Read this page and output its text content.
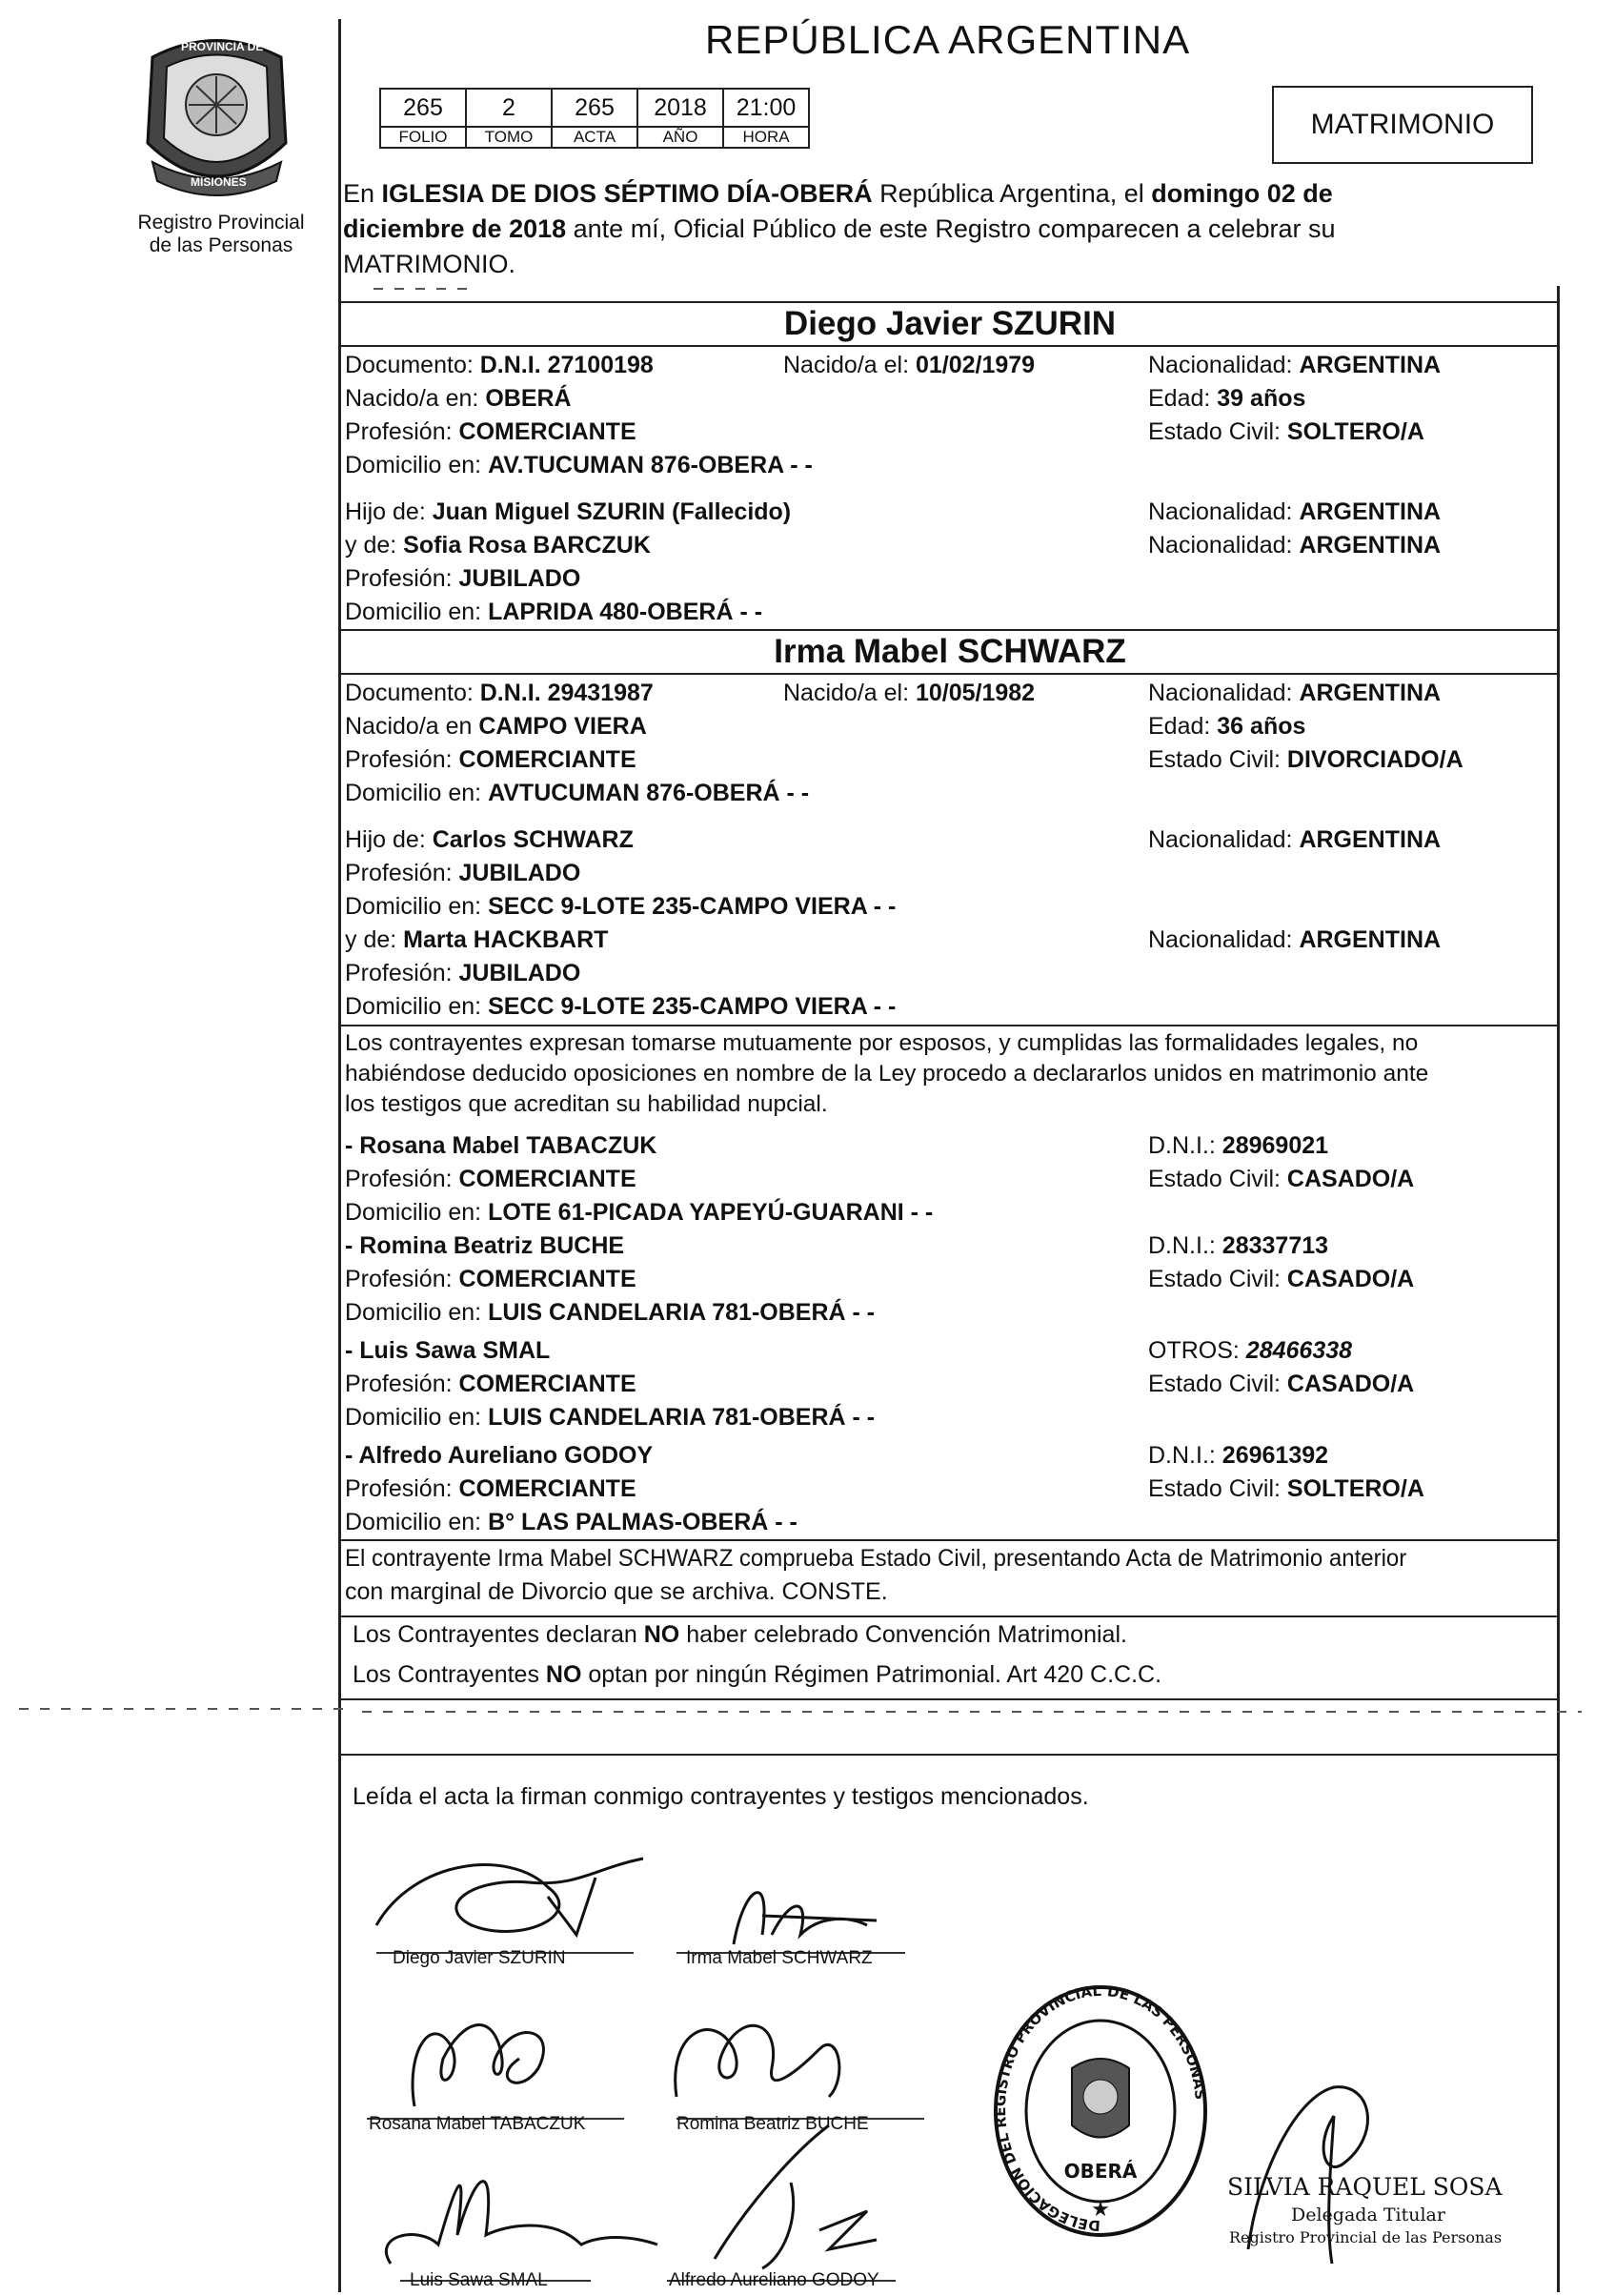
PROVINCIA DE
MISIONES
Registro Provincial
de las Personas
REPÚBLICA ARGENTINA
265	2	265	2018	21:00
FOLIO	TOMO	ACTA	AÑO	HORA	MATRIMONIO
En IGLESIA DE DIOS SÉPTIMO DÍA-OBERÁ República Argentina, el domingo 02 de
diciembre de 2018 ante mí, Oficial Público de este Registro comparecen a celebrar su
MATRIMONIO.
Diego Javier SZURIN
Documento: D.N.I. 27100198	Nacido/a el: 01/02/1979	Nacionalidad: ARGENTINA
Nacido/a en: OBERÁ	Edad: 39 años
Profesión: COMERCIANTE	Estado Civil: SOLTERO/A
Domicilio en: AV.TUCUMAN 876-OBERA - -
Hijo de: Juan Miguel SZURIN (Fallecido)	Nacionalidad: ARGENTINA
y de: Sofia Rosa BARCZUK	Nacionalidad: ARGENTINA
Profesión: JUBILADO
Domicilio en: LAPRIDA 480-OBERÁ - -
Irma Mabel SCHWARZ
Documento: D.N.I. 29431987	Nacido/a el: 10/05/1982	Nacionalidad: ARGENTINA
Nacido/a en CAMPO VIERA	Edad: 36 años
Profesión: COMERCIANTE	Estado Civil: DIVORCIADO/A
Domicilio en: AVTUCUMAN 876-OBERÁ - -
Hijo de: Carlos SCHWARZ	Nacionalidad: ARGENTINA
Profesión: JUBILADO
Domicilio en: SECC 9-LOTE 235-CAMPO VIERA - -
y de: Marta HACKBART	Nacionalidad: ARGENTINA
Profesión: JUBILADO
Domicilio en: SECC 9-LOTE 235-CAMPO VIERA - -
Los contrayentes expresan tomarse mutuamente por esposos, y cumplidas las formalidades legales, no
habiéndose deducido oposiciones en nombre de la Ley procedo a declararlos unidos en matrimonio ante
los testigos que acreditan su habilidad nupcial.
- Rosana Mabel TABACZUK	D.N.I.: 28969021
Profesión: COMERCIANTE	Estado Civil: CASADO/A
Domicilio en: LOTE 61-PICADA YAPEYÚ-GUARANI - -
- Romina Beatriz BUCHE	D.N.I.: 28337713
Profesión: COMERCIANTE	Estado Civil: CASADO/A
Domicilio en: LUIS CANDELARIA 781-OBERÁ - -
- Luis Sawa SMAL	OTROS: 28466338
Profesión: COMERCIANTE	Estado Civil: CASADO/A
Domicilio en: LUIS CANDELARIA 781-OBERÁ - -
- Alfredo Aureliano GODOY	D.N.I.: 26961392
Profesión: COMERCIANTE	Estado Civil: SOLTERO/A
Domicilio en: B° LAS PALMAS-OBERÁ - -
El contrayente Irma Mabel SCHWARZ comprueba Estado Civil, presentando Acta de Matrimonio anterior
con marginal de Divorcio que se archiva. CONSTE.
Los Contrayentes declaran NO haber celebrado Convención Matrimonial.
Los Contrayentes NO optan por ningún Régimen Patrimonial. Art 420 C.C.C.
Leída el acta la firman conmigo contrayentes y testigos mencionados.
Diego Javier SZURIN	Irma Mabel SCHWARZ
Rosana Mabel TABACZUK	Romina Beatriz BUCHE
Luis Sawa SMAL	Alfredo Aureliano GODOY
DELEGACIÓN DEL REGISTRO PROVINCIAL DE LAS PERSONAS
OBERÁ
★
SILVIA RAQUEL SOSA
Delegada Titular
Registro Provincial de las Personas
